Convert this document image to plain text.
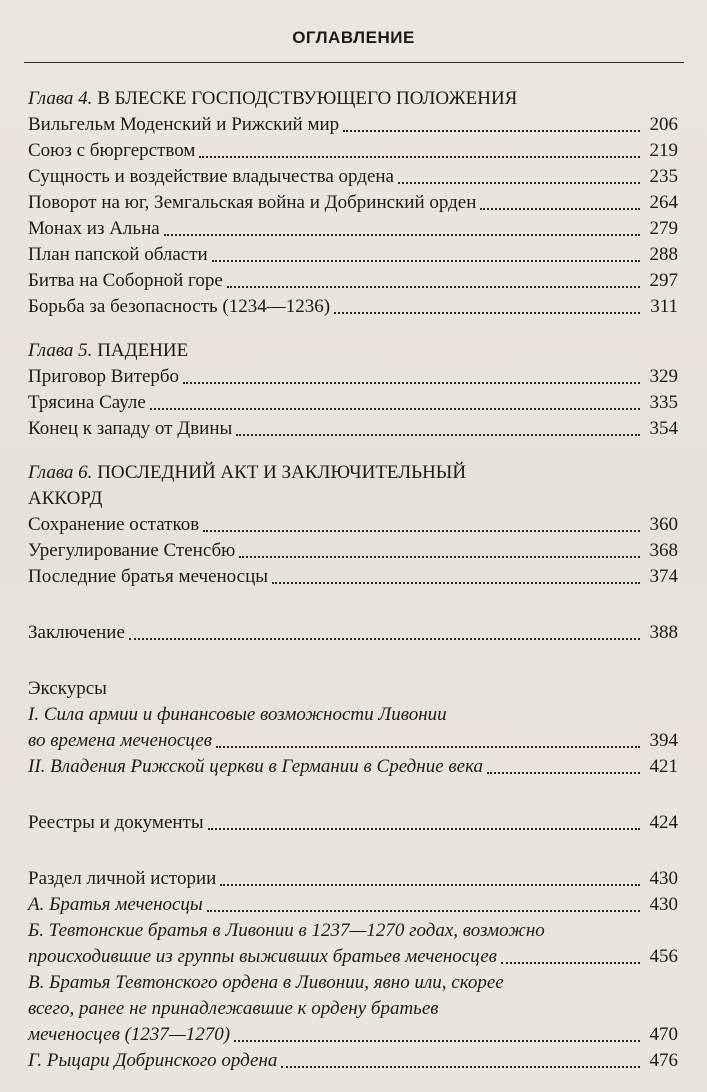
ОГЛАВЛЕНИЕ

Глава 4. В БЛЕСКЕ ГОСПОДСТВУЮЩЕГО ПОЛОЖЕНИЯ

Вильгельм Моденский и Рижский мир	206
Союз с бюргерством	219
Сущность и воздействие владычества ордена	235
Поворот на юг, Земгальская война и Добринский орден	264
Монах из Альна	279
План папской области	288
Битва на Соборной горе	297
Борьба за безопасность (1234—1236)	311

Глава 5. ПАДЕНИЕ

Приговор Витербо	329
Трясина Сауле	335
Конец к западу от Двины	354

Глава 6. ПОСЛЕДНИЙ АКТ И ЗАКЛЮЧИТЕЛЬНЫЙ

АККОРД

Сохранение остатков	360
Урегулирование Стенсбю	368
Последние братья меченосцы	374
Заключение	388

Экскурсы

I. Сила армии и финансовые возможности Ливонии

во времена меченосцев	394
II. Владения Рижской церкви в Германии в Средние века	421
Реестры и документы	424
Раздел личной истории	430
А. Братья меченосцы	430

Б. Тевтонские братья в Ливонии в 1237—1270 годах, возможно

происходившие из группы выживших братьев меченосцев	456

В. Братья Тевтонского ордена в Ливонии, явно или, скорее

всего, ранее не принадлежавшие к ордену братьев

меченосцев (1237—1270)	470
Г. Рыцари Добринского ордена	476
